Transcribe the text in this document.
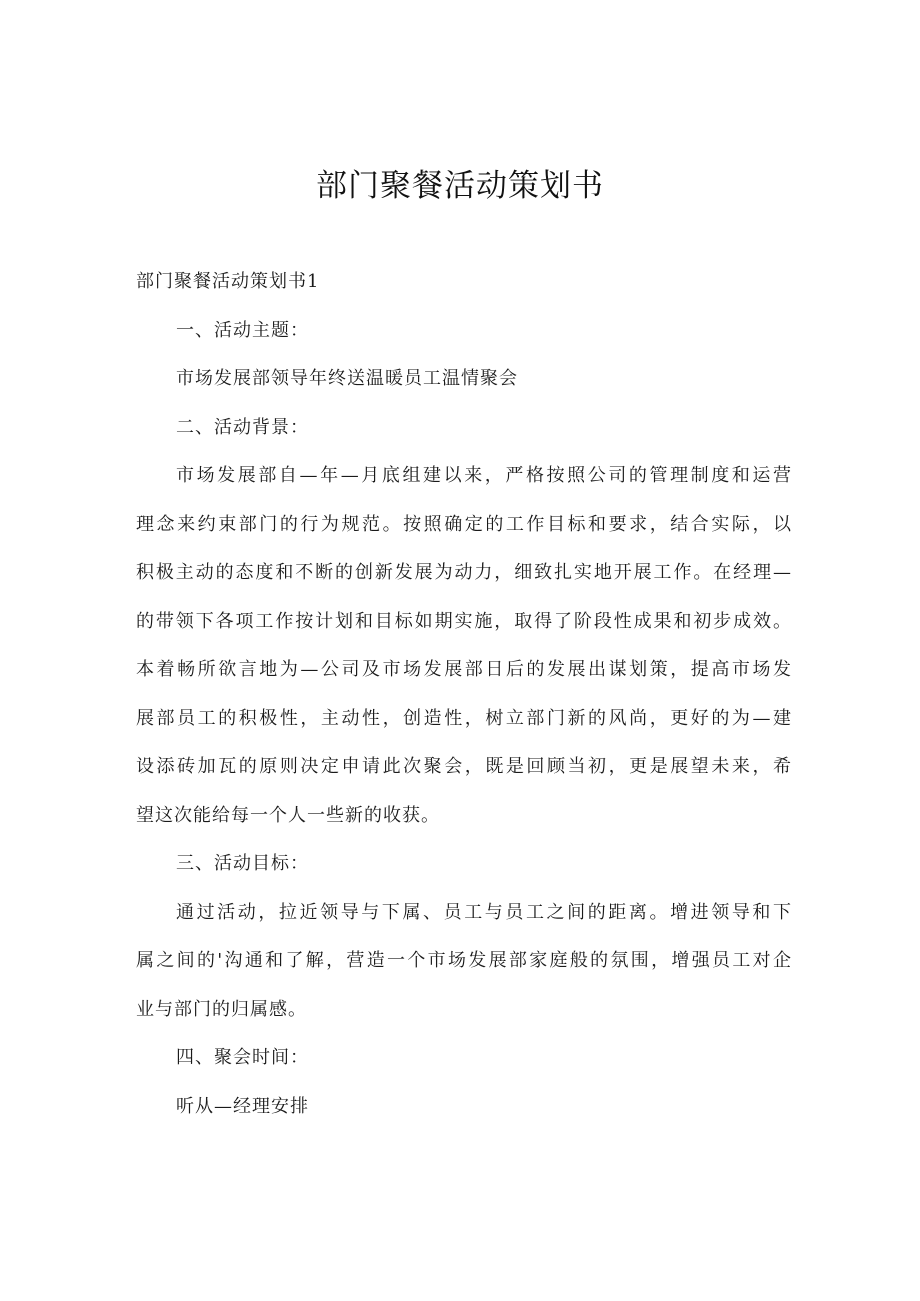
部门聚餐活动策划书
部门聚餐活动策划书1
一、活动主题：
市场发展部领导年终送温暖员工温情聚会
二、活动背景：
市场发展部自—年—月底组建以来，严格按照公司的管理制度和运营
理念来约束部门的行为规范。按照确定的工作目标和要求，结合实际，以
积极主动的态度和不断的创新发展为动力，细致扎实地开展工作。在经理—
的带领下各项工作按计划和目标如期实施，取得了阶段性成果和初步成效。
本着畅所欲言地为—公司及市场发展部日后的发展出谋划策，提高市场发
展部员工的积极性，主动性，创造性，树立部门新的风尚，更好的为—建
设添砖加瓦的原则决定申请此次聚会，既是回顾当初，更是展望未来，希
望这次能给每一个人一些新的收获。
三、活动目标：
通过活动，拉近领导与下属、员工与员工之间的距离。增进领导和下
属之间的'沟通和了解，营造一个市场发展部家庭般的氛围，增强员工对企
业与部门的归属感。
四、聚会时间：
听从—经理安排
